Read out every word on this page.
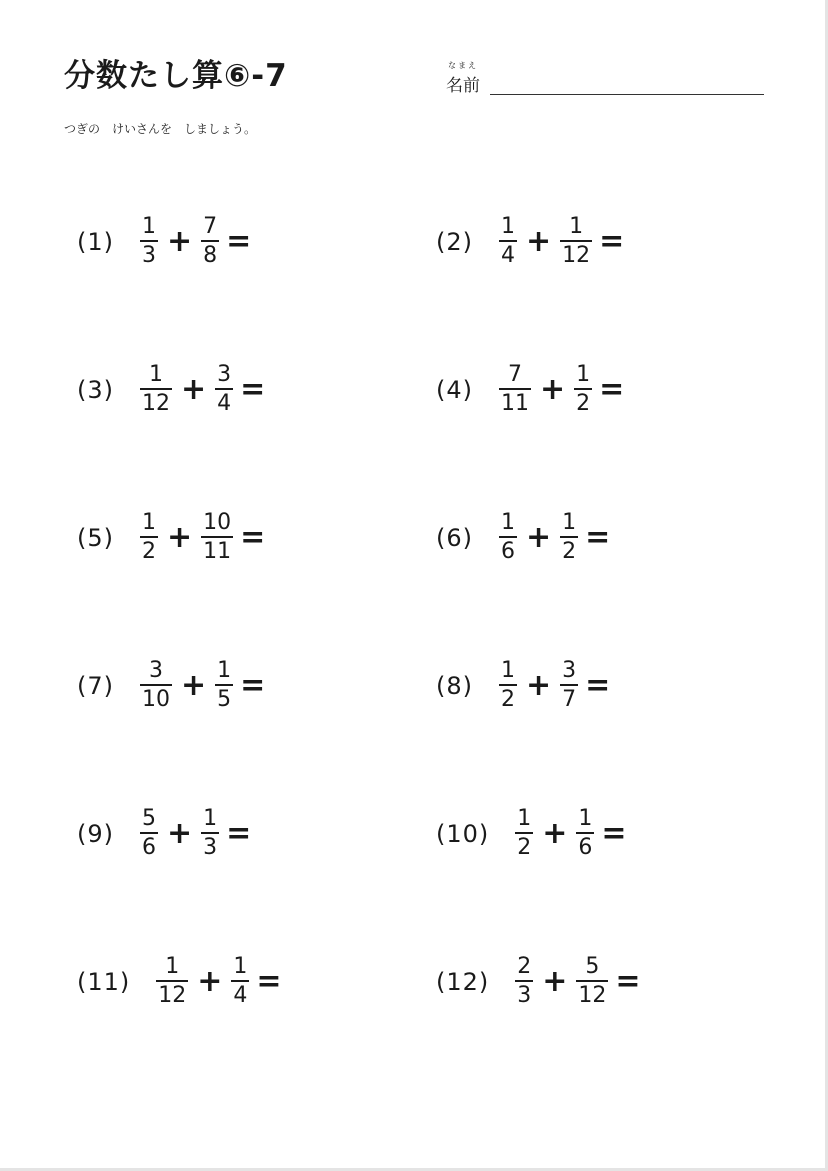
分数たし算⑥-7	なまえ
名前
つぎの　けいさんを　しましょう。
$(1) \frac{1}{3} + \frac{7}{8}$ =	$(2) \frac{1}{4} + \frac{1}{12}$ =
$(3) \frac{1}{12} + \frac{3}{4}$ =	$(4) \frac{7}{11} + \frac{1}{2}$ =
$(5) \frac{1}{2} + \frac{10}{11}$ =	$(6) \frac{1}{6} + \frac{1}{2}$ =
$(7) \frac{3}{10} + \frac{1}{5}$ =	$(8) \frac{1}{2} + \frac{3}{7}$ =
$(9) \frac{5}{6} + \frac{1}{3}$ =	$(10) \frac{1}{2} + \frac{1}{6}$ =
$(11) \frac{1}{12} + \frac{1}{4}$ =	$(12) \frac{2}{3} + \frac{5}{12}$ =
